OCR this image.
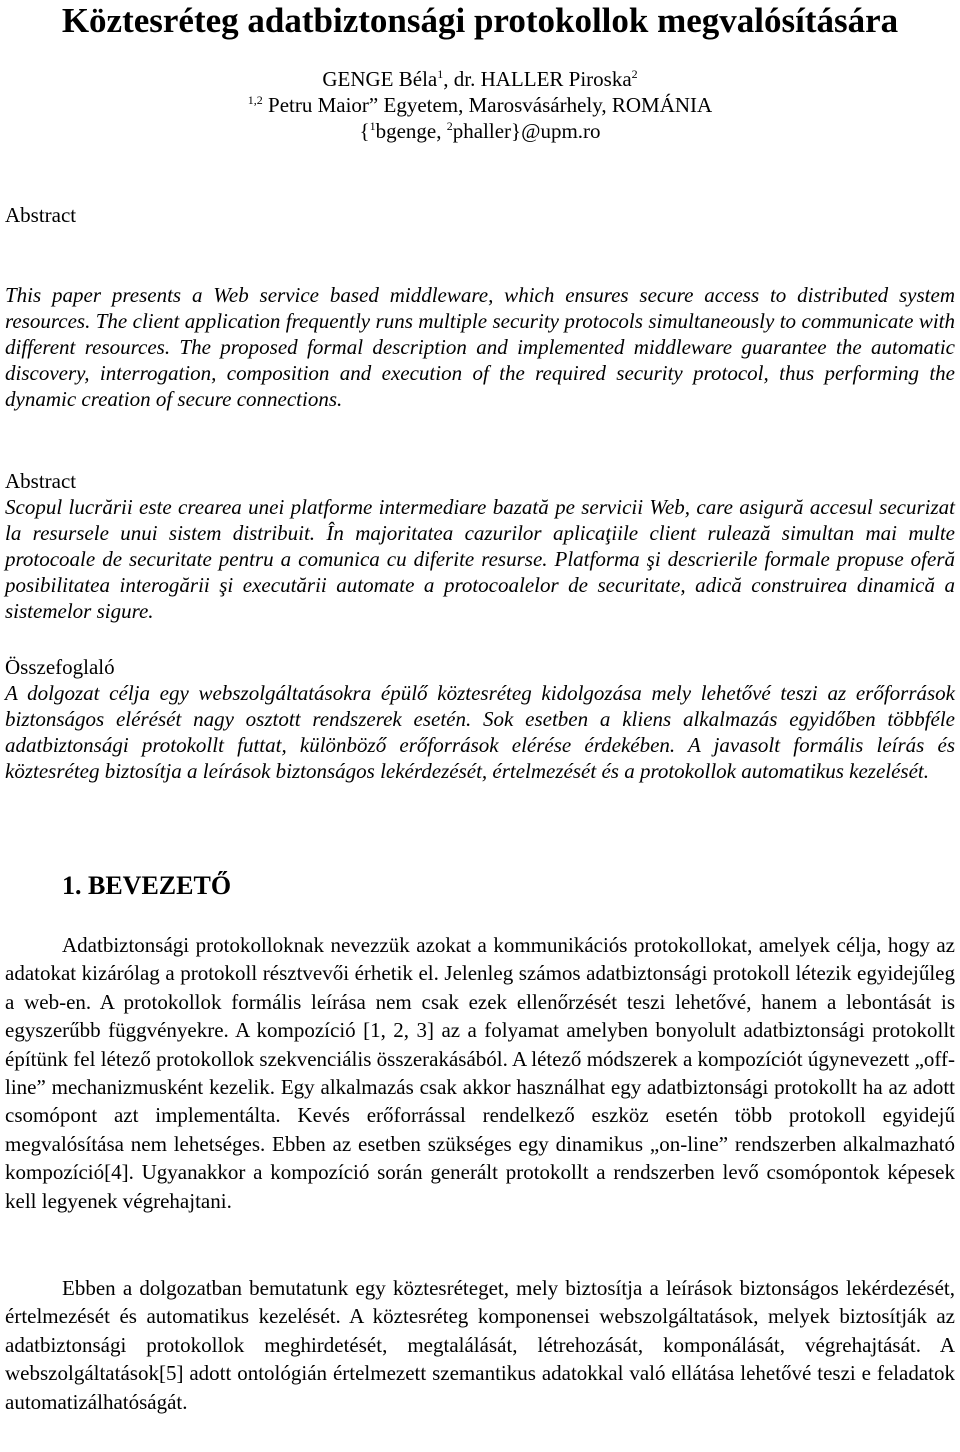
Köztesréteg adatbiztonsági protokollok megvalósítására
GENGE Béla$^1$, dr. HALLER Piroska$^2$
$^{1,2}$ Petru Maior” Egyetem, Marosvásárhely, ROMÁNIA
{$^1$bgenge, $^2$phaller}@upm.ro
Abstract

This paper presents a Web service based middleware, which ensures secure access to distributed system resources. The client application frequently runs multiple security protocols simultaneously to communicate with different resources. The proposed formal description and implemented middleware guarantee the automatic discovery, interrogation, composition and execution of the required security protocol, thus performing the dynamic creation of secure connections.

Abstract

Scopul lucrării este crearea unei platforme intermediare bazată pe servicii Web, care asigură accesul securizat la resursele unui sistem distribuit. În majoritatea cazurilor aplicaţiile client rulează simultan mai multe protocoale de securitate pentru a comunica cu diferite resurse. Platforma şi descrierile formale propuse oferă posibilitatea interogării şi executării automate a protocoalelor de securitate, adică construirea dinamică a sistemelor sigure.

Összefoglaló

A dolgozat célja egy webszolgáltatásokra épülő köztesréteg kidolgozása mely lehetővé teszi az erőforrások biztonságos elérését nagy osztott rendszerek esetén. Sok esetben a kliens alkalmazás egyidőben többféle adatbiztonsági protokollt futtat, különböző erőforrások elérése érdekében. A javasolt formális leírás és köztesréteg biztosítja a leírások biztonságos lekérdezését, értelmezését és a protokollok automatikus kezelését.

1. BEVEZETŐ

Adatbiztonsági protokolloknak nevezzük azokat a kommunikációs protokollokat, amelyek célja, hogy az adatokat kizárólag a protokoll résztvevői érhetik el. Jelenleg számos adatbiztonsági protokoll létezik egyidejűleg a web-en. A protokollok formális leírása nem csak ezek ellenőrzését teszi lehetővé, hanem a lebontását is egyszerűbb függvényekre. A kompozíció [1, 2, 3] az a folyamat amelyben bonyolult adatbiztonsági protokollt építünk fel létező protokollok szekvenciális összerakásából. A létező módszerek a kompozíciót úgynevezett „off-line” mechanizmusként kezelik. Egy alkalmazás csak akkor használhat egy adatbiztonsági protokollt ha az adott csomópont azt implementálta. Kevés erőforrással rendelkező eszköz esetén több protokoll egyidejű megvalósítása nem lehetséges. Ebben az esetben szükséges egy dinamikus „on-line” rendszerben alkalmazható kompozíció[4]. Ugyanakkor a kompozíció során generált protokollt a rendszerben levő csomópontok képesek kell legyenek végrehajtani.

Ebben a dolgozatban bemutatunk egy köztesréteget, mely biztosítja a leírások biztonságos lekérdezését, értelmezését és automatikus kezelését. A köztesréteg komponensei webszolgáltatások, melyek biztosítják az adatbiztonsági protokollok meghirdetését, megtalálását, létrehozását, komponálását, végrehajtását. A webszolgáltatások[5] adott ontológián értelmezett szemantikus adatokkal való ellátása lehetővé teszi e feladatok automatizálhatóságát.
